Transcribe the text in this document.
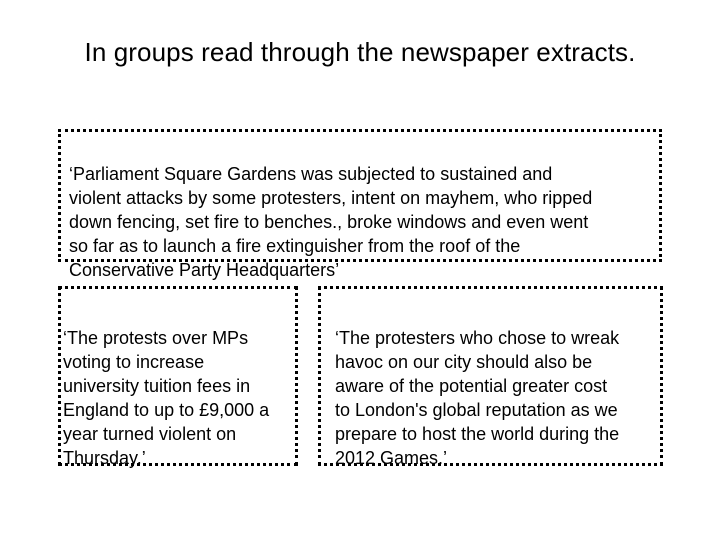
In groups read through the newspaper extracts.

‘Parliament Square Gardens was subjected to sustained and
violent attacks by some protesters, intent on mayhem, who ripped
down fencing, set fire to benches., broke windows and even went
so far as to launch a fire extinguisher from the roof of the
Conservative Party Headquarters’

‘The protests over MPs
voting to increase
university tuition fees in
England to up to £9,000 a
year turned violent on
Thursday.’

‘The protesters who chose to wreak
havoc on our city should also be
aware of the potential greater cost
to London's global reputation as we
prepare to host the world during the
2012 Games.’
